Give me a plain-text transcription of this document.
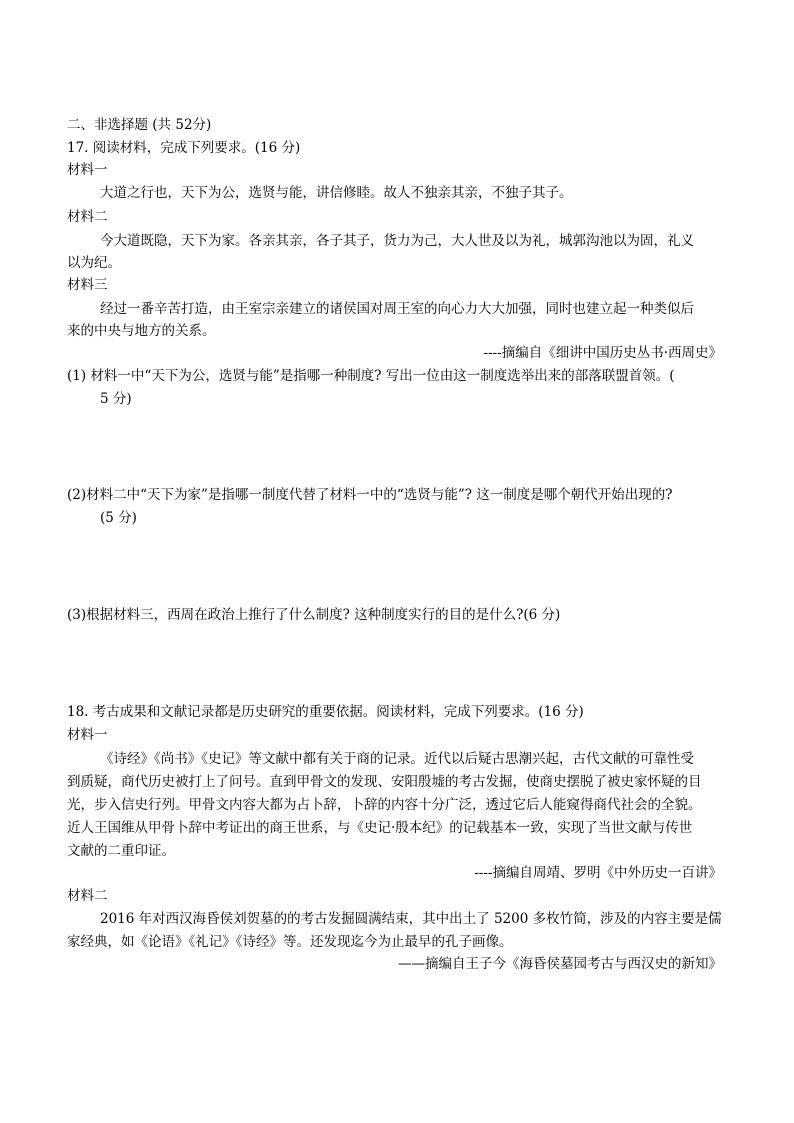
二、非选择题 (共 52分)
17. 阅读材料，完成下列要求。(16 分)
材料一
大道之行也，天下为公，选贤与能，讲信修睦。故人不独亲其亲，不独子其子。
材料二
今大道既隐，天下为家。各亲其亲，各子其子，货力为己，大人世及以为礼，城郭沟池以为固，礼义
以为纪。
材料三
经过一番辛苦打造，由王室宗亲建立的诸侯国对周王室的向心力大大加强，同时也建立起一种类似后
来的中央与地方的关系。
----摘编自《细讲中国历史丛书·西周史》
(1) 材料一中“天下为公，选贤与能”是指哪一种制度? 写出一位由这一制度选举出来的部落联盟首领。(
5 分)
(2)材料二中“天下为家”是指哪一制度代替了材料一中的“选贤与能”? 这一制度是哪个朝代开始出现的?
(5 分)
(3)根据材料三，西周在政治上推行了什么制度? 这种制度实行的目的是什么?(6 分)
18. 考古成果和文献记录都是历史研究的重要依据。阅读材料，完成下列要求。(16 分)
材料一
《诗经》《尚书》《史记》等文献中都有关于商的记录。近代以后疑古思潮兴起，古代文献的可靠性受
到质疑，商代历史被打上了问号。直到甲骨文的发现、安阳殷墟的考古发掘，使商史摆脱了被史家怀疑的目
光，步入信史行列。甲骨文内容大都为占卜辞，卜辞的内容十分广泛，透过它后人能窥得商代社会的全貌。
近人王国维从甲骨卜辞中考证出的商王世系，与《史记·殷本纪》的记载基本一致，实现了当世文献与传世
文献的二重印证。
----摘编自周靖、罗明《中外历史一百讲》
材料二
2016 年对西汉海昏侯刘贺墓的的考古发掘圆满结束，其中出土了 5200 多枚竹简，涉及的内容主要是儒
家经典，如《论语》《礼记》《诗经》等。还发现迄今为止最早的孔子画像。
——摘编自王子今《海昏侯墓园考古与西汉史的新知》
